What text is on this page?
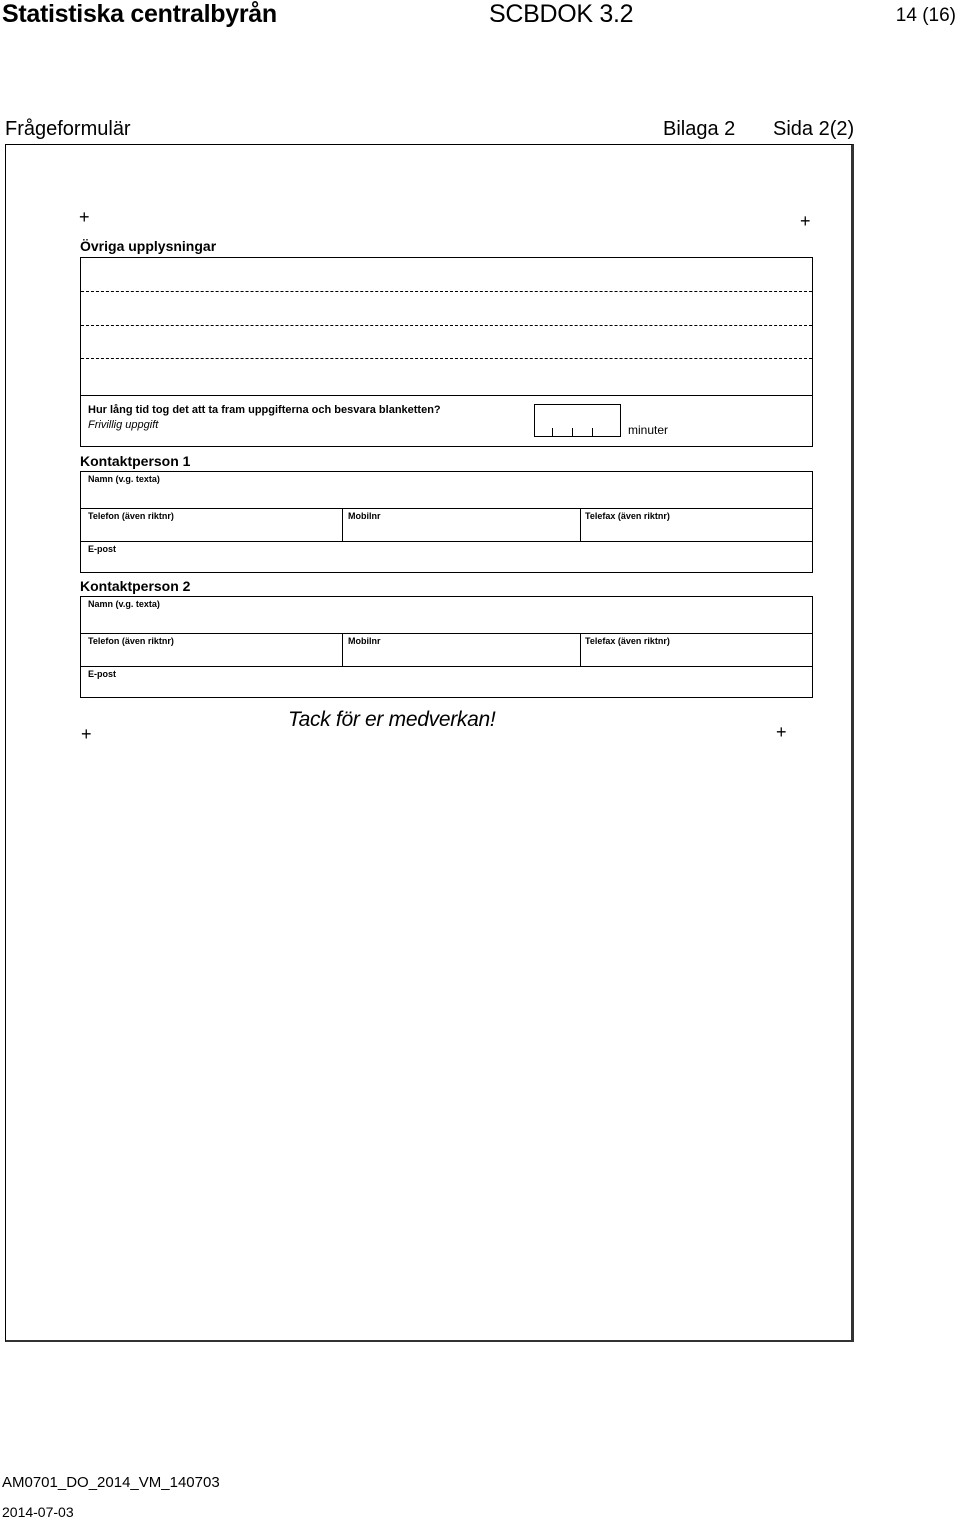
Statistiska centralbyrån	SCBDOK 3.2	14 (16)
Frågeformulär	Bilaga 2 Sida 2(2)
+	+
+	+
Övriga upplysningar
Hur lång tid tog det att ta fram uppgifterna och besvara blanketten?
Frivillig uppgift	minuter
Kontaktperson 1
Namn (v.g. texta)
Telefon (även riktnr)	Mobilnr	Telefax (även riktnr)
E-post
Kontaktperson 2
Namn (v.g. texta)
Telefon (även riktnr)	Mobilnr	Telefax (även riktnr)
E-post
Tack för er medverkan!
AM0701_DO_2014_VM_140703
2014-07-03
